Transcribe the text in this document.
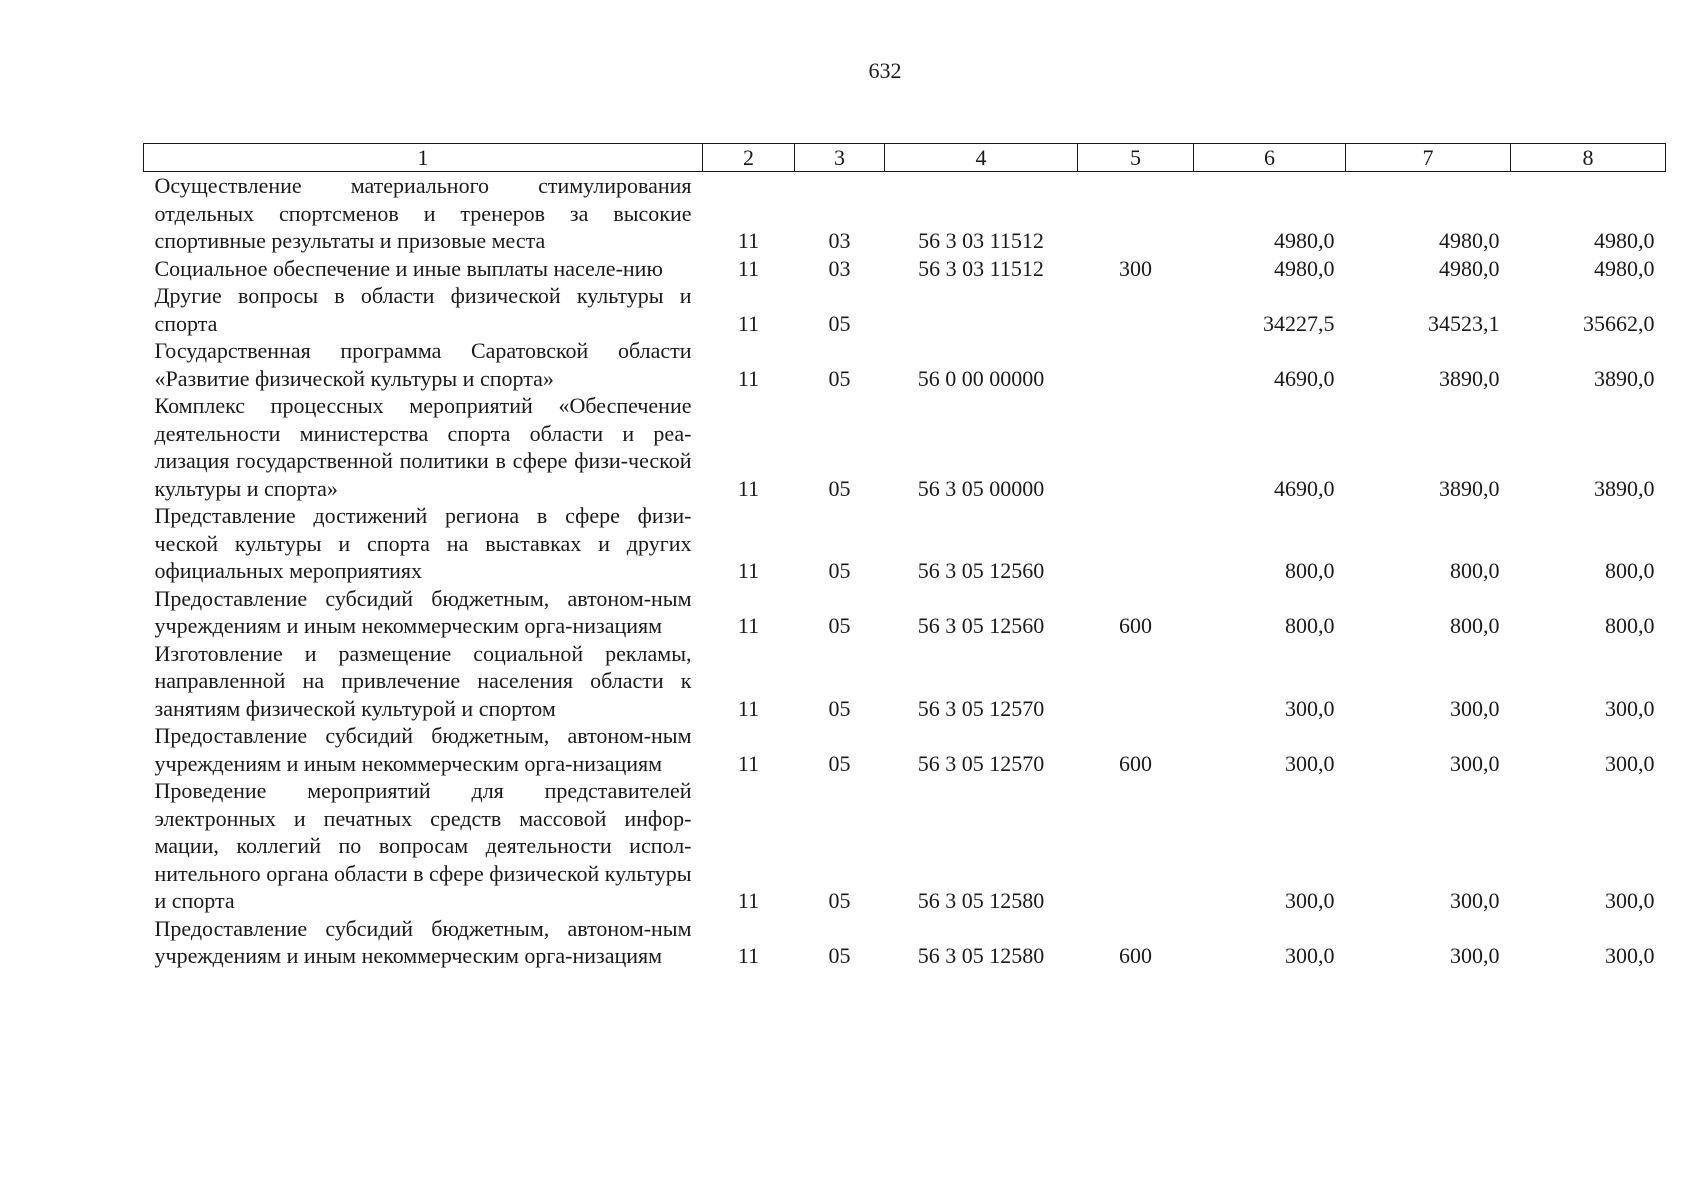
632
1	2	3	4	5	6	7	8
Осуществление материального стимулирования отдельных спортсменов и тренеров за высокие спортивные результаты и призовые места	11	03	56 3 03 11512		4980,0	4980,0	4980,0
Социальное обеспечение и иные выплаты населе-нию	11	03	56 3 03 11512	300	4980,0	4980,0	4980,0
Другие вопросы в области физической культуры и спорта	11	05			34227,5	34523,1	35662,0
Государственная программа Саратовской области «Развитие физической культуры и спорта»	11	05	56 0 00 00000		4690,0	3890,0	3890,0
Комплекс процессных мероприятий «Обеспечение деятельности министерства спорта области и реа-лизация государственной политики в сфере физи-ческой культуры и спорта»	11	05	56 3 05 00000		4690,0	3890,0	3890,0
Представление достижений региона в сфере физи-ческой культуры и спорта на выставках и других официальных мероприятиях	11	05	56 3 05 12560		800,0	800,0	800,0
Предоставление субсидий бюджетным, автоном-ным учреждениям и иным некоммерческим орга-низациям	11	05	56 3 05 12560	600	800,0	800,0	800,0
Изготовление и размещение социальной рекламы, направленной на привлечение населения области к занятиям физической культурой и спортом	11	05	56 3 05 12570		300,0	300,0	300,0
Предоставление субсидий бюджетным, автоном-ным учреждениям и иным некоммерческим орга-низациям	11	05	56 3 05 12570	600	300,0	300,0	300,0
Проведение мероприятий для представителей электронных и печатных средств массовой инфор-мации, коллегий по вопросам деятельности испол-нительного органа области в сфере физической культуры и спорта	11	05	56 3 05 12580		300,0	300,0	300,0
Предоставление субсидий бюджетным, автоном-ным учреждениям и иным некоммерческим орга-низациям	11	05	56 3 05 12580	600	300,0	300,0	300,0
